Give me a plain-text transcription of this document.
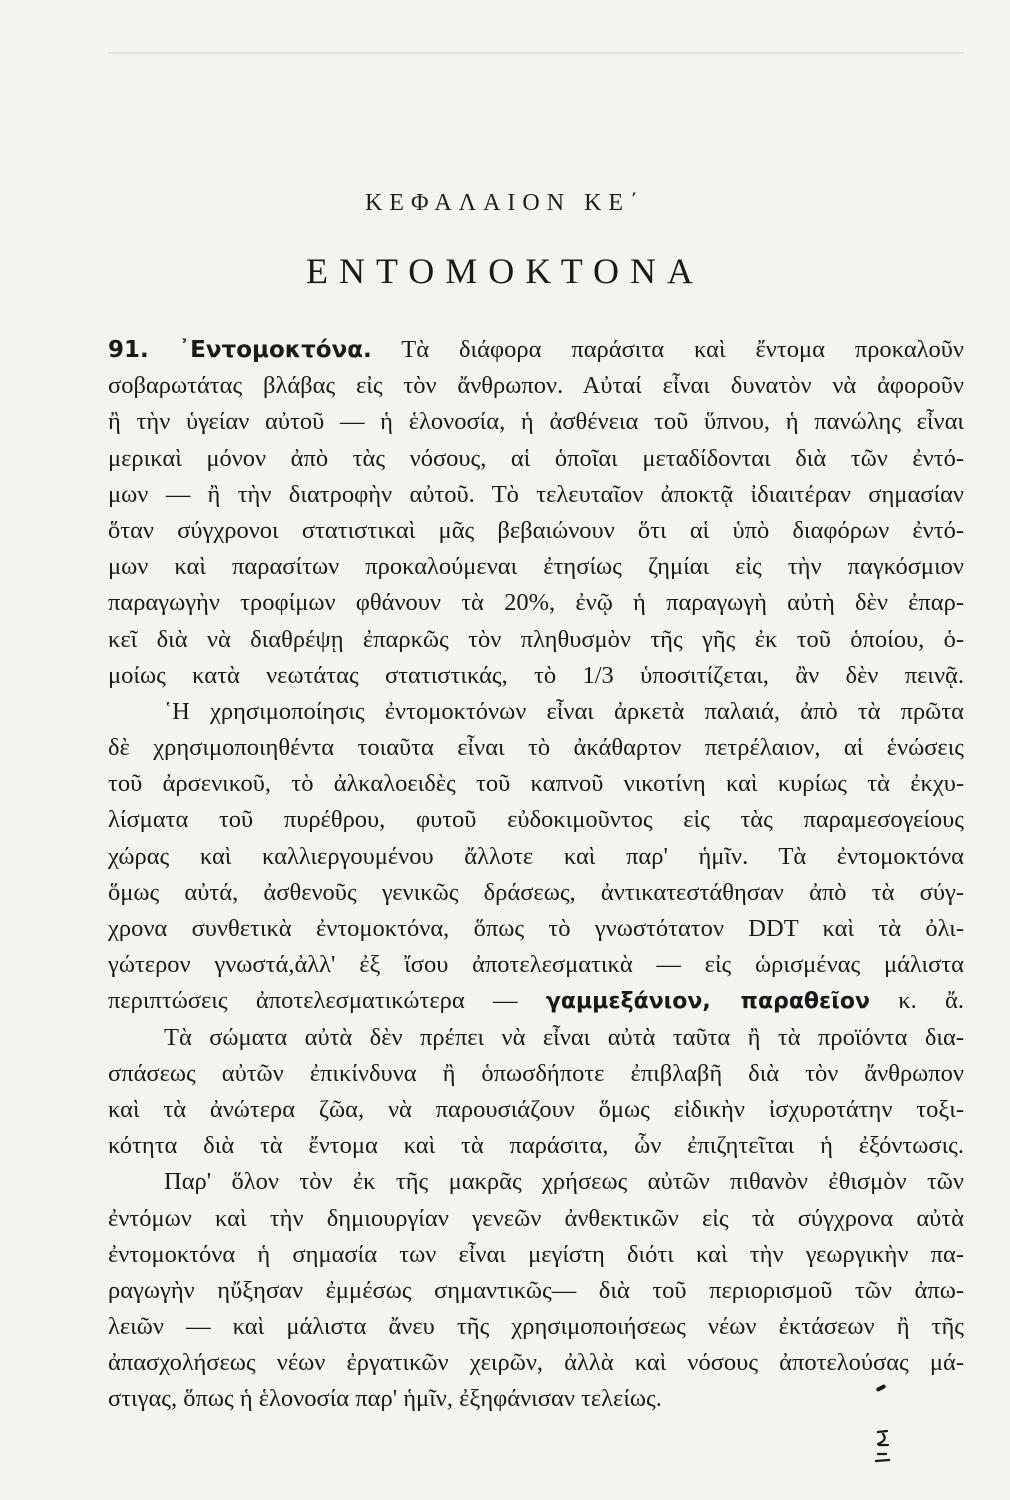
ΚΕΦΑΛΑΙΟΝ ΚΕ΄
ΕΝΤΟΜΟΚΤΟΝΑ
91. ᾿Εντομοκτόνα. Τὰ διάφορα παράσιτα καὶ ἔντομα προκαλοῦν
σοβαρωτάτας βλάβας εἰς τὸν ἄνθρωπον. Αὐταί εἶναι δυνατὸν νὰ ἀφοροῦν
ἢ τὴν ὑγείαν αὐτοῦ — ἡ ἑλονοσία, ἡ ἀσθένεια τοῦ ὕπνου, ἡ πανώλης εἶναι
μερικαὶ μόνον ἀπὸ τὰς νόσους, αἱ ὁποῖαι μεταδίδονται διὰ τῶν ἐντό-
μων — ἢ τὴν διατροφὴν αὐτοῦ. Τὸ τελευταῖον ἀποκτᾷ ἰδιαιτέραν σημασίαν
ὅταν σύγχρονοι στατιστικαὶ μᾶς βεβαιώνουν ὅτι αἱ ὑπὸ διαφόρων ἐντό-
μων καὶ παρασίτων προκαλούμεναι ἐτησίως ζημίαι εἰς τὴν παγκόσμιον
παραγωγὴν τροφίμων φθάνουν τὰ 20%, ἐνῷ ἡ παραγωγὴ αὐτὴ δὲν ἐπαρ-
κεῖ διὰ νὰ διαθρέψῃ ἐπαρκῶς τὸν πληθυσμὸν τῆς γῆς ἐκ τοῦ ὁποίου, ὁ-
μοίως κατὰ νεωτάτας στατιστικάς, τὸ 1/3 ὑποσιτίζεται, ἂν δὲν πεινᾷ.
῾Η χρησιμοποίησις ἐντομοκτόνων εἶναι ἀρκετὰ παλαιά, ἀπὸ τὰ πρῶτα
δὲ χρησιμοποιηθέντα τοιαῦτα εἶναι τὸ ἀκάθαρτον πετρέλαιον, αἱ ἑνώσεις
τοῦ ἀρσενικοῦ, τὸ ἀλκαλοειδὲς τοῦ καπνοῦ νικοτίνη καὶ κυρίως τὰ ἐκχυ-
λίσματα τοῦ πυρέθρου, φυτοῦ εὐδοκιμοῦντος εἰς τὰς παραμεσογείους
χώρας καὶ καλλιεργουμένου ἄλλοτε καὶ παρ' ἡμῖν. Τὰ ἐντομοκτόνα
ὅμως αὐτά, ἀσθενοῦς γενικῶς δράσεως, ἀντικατεστάθησαν ἀπὸ τὰ σύγ-
χρονα συνθετικὰ ἐντομοκτόνα, ὅπως τὸ γνωστότατον DDT καὶ τὰ ὀλι-
γώτερον γνωστά,ἀλλ' ἐξ ἴσου ἀποτελεσματικὰ — εἰς ὡρισμένας μάλιστα
περιπτώσεις ἀποτελεσματικώτερα — γαμμεξάνιον, παραθεῖον κ. ἄ.
Τὰ σώματα αὐτὰ δὲν πρέπει νὰ εἶναι αὐτὰ ταῦτα ἢ τὰ προϊόντα δια-
σπάσεως αὐτῶν ἐπικίνδυνα ἢ ὁπωσδήποτε ἐπιβλαβῆ διὰ τὸν ἄνθρωπον
καὶ τὰ ἀνώτερα ζῶα, νὰ παρουσιάζουν ὅμως εἰδικὴν ἰσχυροτάτην τοξι-
κότητα διὰ τὰ ἔντομα καὶ τὰ παράσιτα, ὧν ἐπιζητεῖται ἡ ἐξόντωσις.
Παρ' ὅλον τὸν ἐκ τῆς μακρᾶς χρήσεως αὐτῶν πιθανὸν ἐθισμὸν τῶν
ἐντόμων καὶ τὴν δημιουργίαν γενεῶν ἀνθεκτικῶν εἰς τὰ σύγχρονα αὐτὰ
ἐντομοκτόνα ἡ σημασία των εἶναι μεγίστη διότι καὶ τὴν γεωργικὴν πα-
ραγωγὴν ηὔξησαν ἐμμέσως σημαντικῶς— διὰ τοῦ περιορισμοῦ τῶν ἀπω-
λειῶν — καὶ μάλιστα ἄνευ τῆς χρησιμοποιήσεως νέων ἐκτάσεων ἢ τῆς
ἀπασχολήσεως νέων ἐργατικῶν χειρῶν, ἀλλὰ καὶ νόσους ἀποτελούσας μά-
στιγας, ὅπως ἡ ἑλονοσία παρ' ἡμῖν, ἐξηφάνισαν τελείως.
